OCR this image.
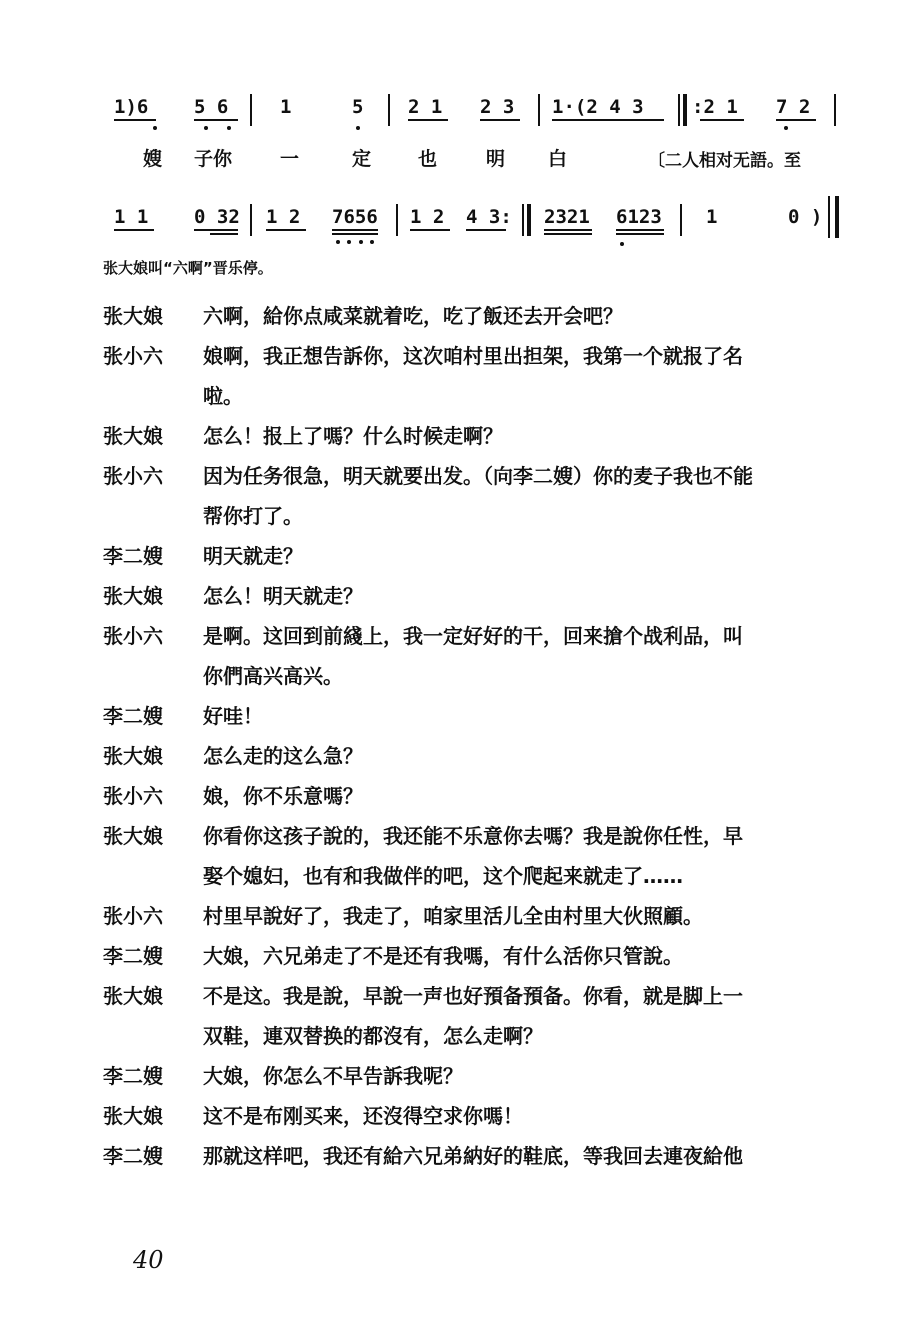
1)6 5 6	1	5 2 1 2 3 1·(2 4 3	:2 1 7 2
嫂 子你	一	定 也	明 白	〔二人相对无語。至
1 1 0 32 1 2 7656 1 2 4 3: 2321 6123 1	0 )
张大娘叫“六啊”晋乐停。
张大娘	六啊，給你点咸菜就着吃，吃了飯还去开会吧？
张小六	娘啊，我正想告訴你，这次咱村里出担架，我第一个就报了名
啦。
张大娘	怎么！报上了嗎？什么时候走啊？
张小六	因为任务很急，明天就要出发。（向李二嫂）你的麦子我也不能
帮你打了。
李二嫂	明天就走？
张大娘	怎么！明天就走？
张小六	是啊。这回到前綫上，我一定好好的干，回来搶个战利品，叫
你們高兴高兴。
李二嫂	好哇！
张大娘	怎么走的这么急？
张小六	娘，你不乐意嗎？
张大娘	你看你这孩子說的，我还能不乐意你去嗎？我是說你任性，早
娶个媳妇，也有和我做伴的吧，这个爬起来就走了……
张小六	村里早說好了，我走了，咱家里活儿全由村里大伙照顧。
李二嫂	大娘，六兄弟走了不是还有我嗎，有什么活你只管說。
张大娘	不是这。我是說，早說一声也好預备預备。你看，就是脚上一
双鞋，連双替换的都沒有，怎么走啊？
李二嫂	大娘，你怎么不早告訴我呢？
张大娘	这不是布刚买来，还沒得空求你嗎！
李二嫂	那就这样吧，我还有給六兄弟納好的鞋底，等我回去連夜給他
40
